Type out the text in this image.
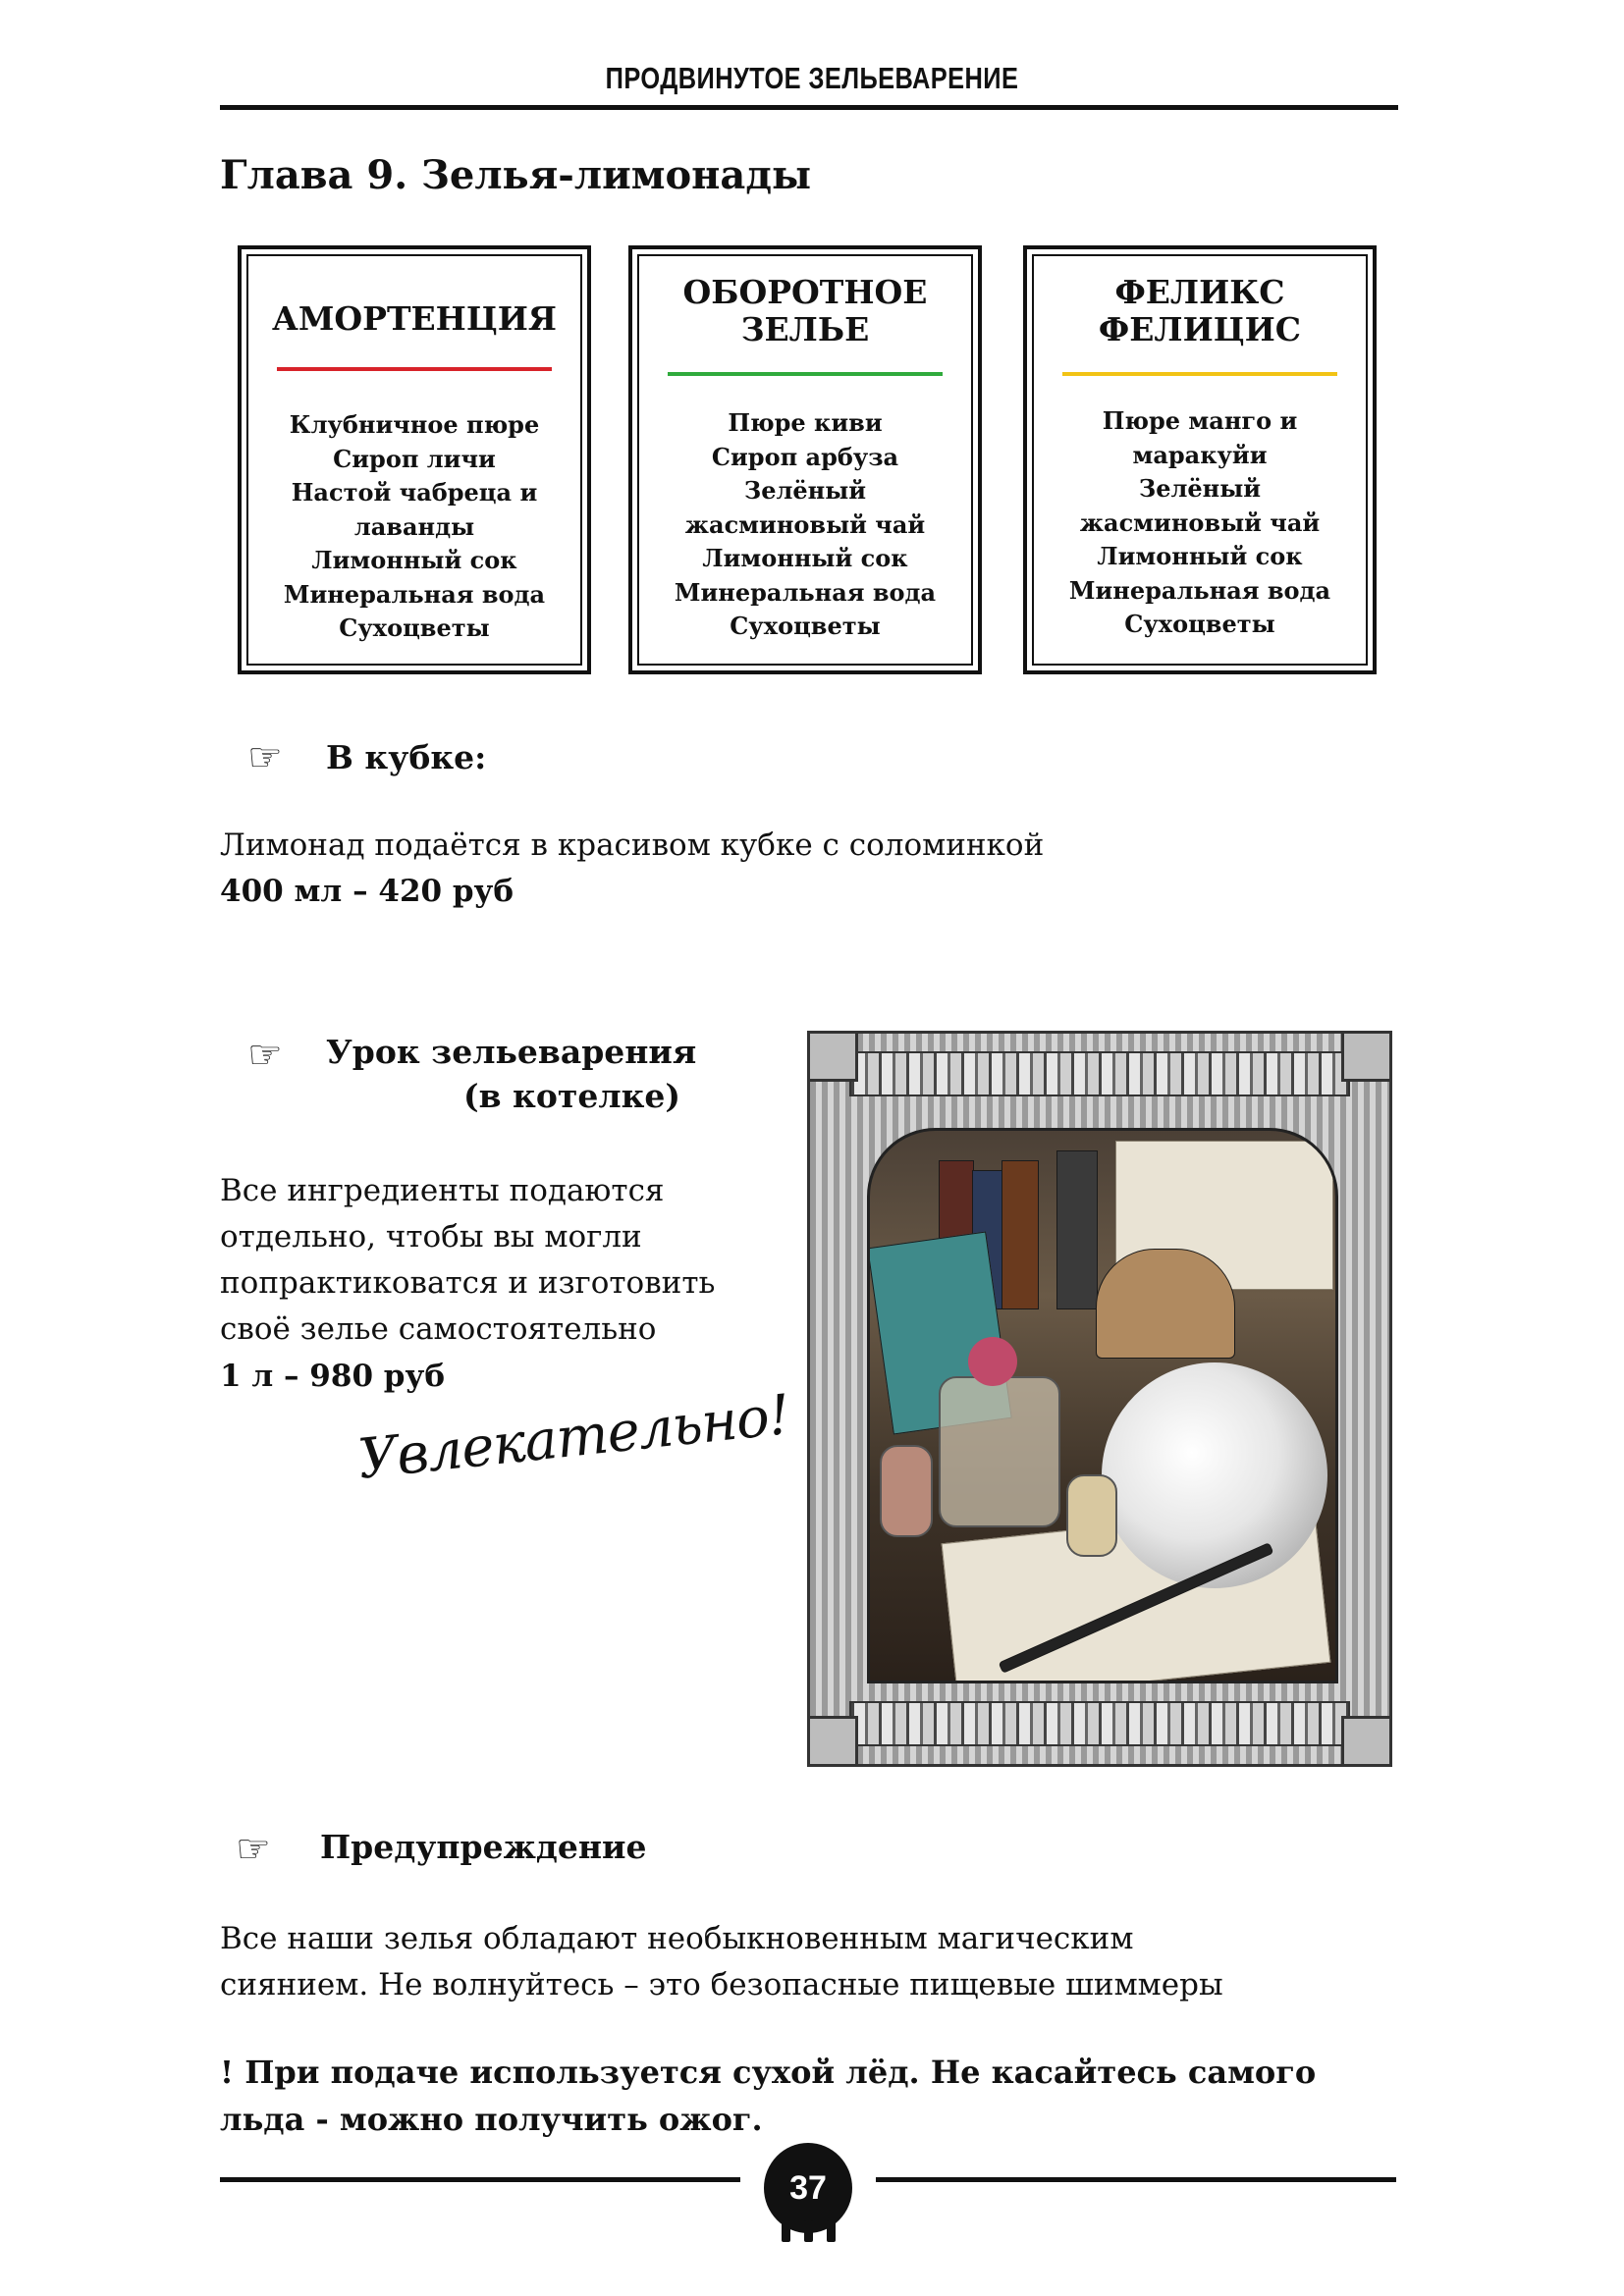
ПРОДВИНУТОЕ ЗЕЛЬЕВАРЕНИЕ
Глава 9. Зелья-лимонады
АМОРТЕНЦИЯ
Клубничное пюре
Сироп личи
Настой чабреца и
лаванды
Лимонный сок
Минеральная вода
Сухоцветы
ОБОРОТНОЕ
ЗЕЛЬЕ
Пюре киви
Сироп арбуза
Зелёный
жасминовый чай
Лимонный сок
Минеральная вода
Сухоцветы
ФЕЛИКС
ФЕЛИЦИС
Пюре манго и
маракуйи
Зелёный
жасминовый чай
Лимонный сок
Минеральная вода
Сухоцветы
☞ В кубке:
Лимонад подаётся в красивом кубке с соломинкой
400 мл – 420 руб
☞ Урок зельеварения
(в котелке)
Все ингредиенты подаются
отдельно, чтобы вы могли
попрактиковатся и изготовить
своё зелье самостоятельно
1 л – 980 руб
Увлекательно!
☞ Предупреждение
Все наши зелья обладают необыкновенным магическим
сиянием. Не волнуйтесь – это безопасные пищевые шиммеры
! При подаче используется сухой лёд. Не касайтесь самого
льда - можно получить ожог.
37
